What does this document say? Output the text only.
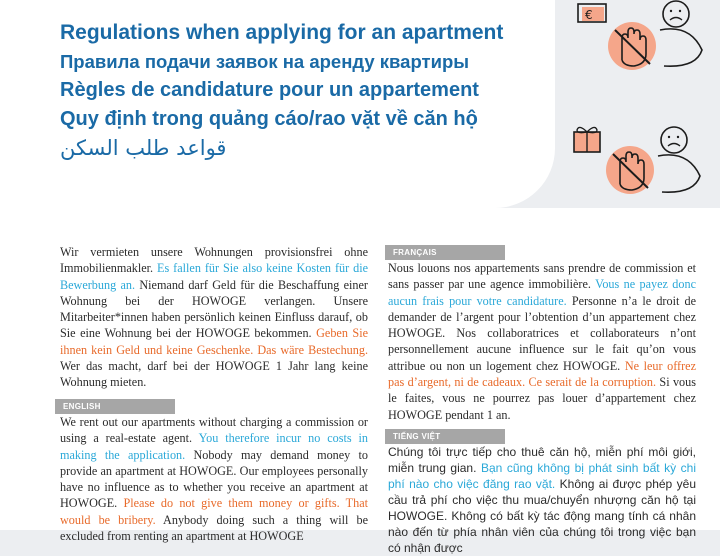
Regulations when applying for an apartment
Правила подачи заявок на аренду квартиры
Règles de candidature pour un appartement
Quy định trong quảng cáo/rao vặt về căn hộ
قواعد طلب السكن
€
Wir vermieten unsere Wohnungen provisionsfrei ohne Immobilienmakler. Es fallen für Sie also keine Kosten für die Bewerbung an. Niemand darf Geld für die Beschaffung einer Wohnung bei der HOWOGE verlangen. Unsere Mitarbeiter*innen haben persönlich keinen Einfluss darauf, ob Sie eine Wohnung bei der HOWOGE bekommen. Geben Sie ihnen kein Geld und keine Geschenke. Das wäre Bestechung. Wer das macht, darf bei der HOWOGE 1 Jahr lang keine Wohnung mieten.
ENGLISH
We rent out our apartments without charging a commission or using a real-estate agent. You therefore incur no costs in making the application. Nobody may demand money to provide an apartment at HOWOGE. Our employees personally have no influence as to whether you receive an apartment at HOWOGE. Please do not give them money or gifts. That would be bribery. Anybody doing such a thing will be excluded from renting an apartment at HOWOGE
FRANÇAIS
Nous louons nos appartements sans prendre de commission et sans passer par une agence immobilière. Vous ne payez donc aucun frais pour votre candidature. Personne n’a le droit de demander de l’argent pour l’obtention d’un appartement chez HOWOGE. Nos collaboratrices et collaborateurs n’ont personnellement aucune influence sur le fait qu’on vous attribue ou non un logement chez HOWOGE. Ne leur offrez pas d’argent, ni de cadeaux. Ce serait de la corruption. Si vous le faites, vous ne pourrez pas louer d’appartement chez HOWOGE pendant 1 an.
TIẾNG VIỆT
Chúng tôi trực tiếp cho thuê căn hộ, miễn phí môi giới, miễn trung gian. Bạn cũng không bị phát sinh bất kỳ chi phí nào cho việc đăng rao vặt. Không ai được phép yêu cầu trả phí cho việc thu mua/chuyển nhượng căn hộ tại HOWOGE. Không có bất kỳ tác động mang tính cá nhân nào đến từ phía nhân viên của chúng tôi trong việc bạn có nhận được
